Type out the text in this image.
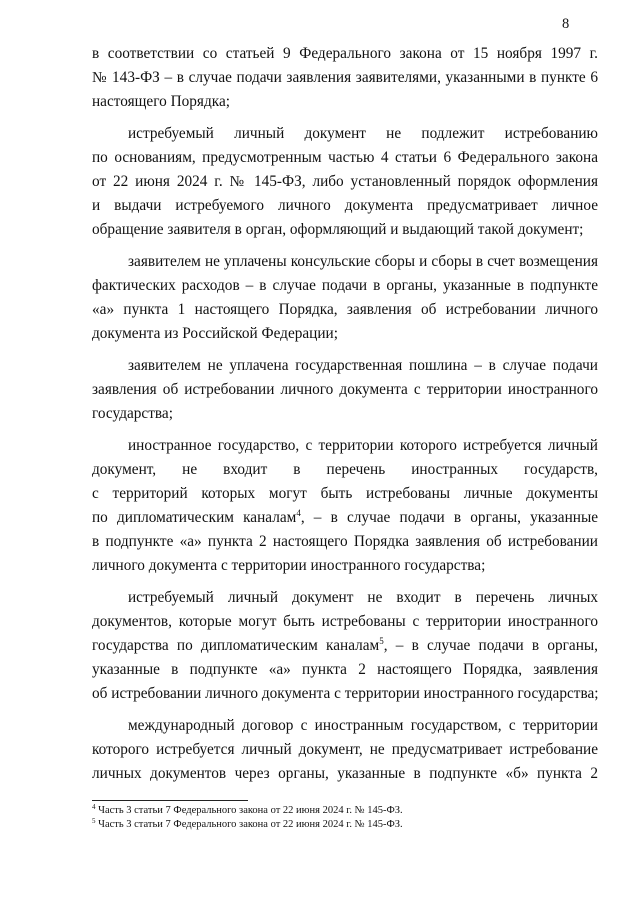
8
в соответствии со статьей 9 Федерального закона от 15 ноября 1997 г.
№ 143-ФЗ – в случае подачи заявления заявителями, указанными в пункте 6
настоящего Порядка;
истребуемый личный документ не подлежит истребованию
по основаниям, предусмотренным частью 4 статьи 6 Федерального закона
от 22 июня 2024 г. № 145-ФЗ, либо установленный порядок оформления
и выдачи истребуемого личного документа предусматривает личное
обращение заявителя в орган, оформляющий и выдающий такой документ;
заявителем не уплачены консульские сборы и сборы в счет возмещения
фактических расходов – в случае подачи в органы, указанные в подпункте
«а» пункта 1 настоящего Порядка, заявления об истребовании личного
документа из Российской Федерации;
заявителем не уплачена государственная пошлина – в случае подачи
заявления об истребовании личного документа с территории иностранного
государства;
иностранное государство, с территории которого истребуется личный
документ, не входит в перечень иностранных государств,
с территорий которых могут быть истребованы личные документы
по дипломатическим каналам$^4$, – в случае подачи в органы, указанные
в подпункте «а» пункта 2 настоящего Порядка заявления об истребовании
личного документа с территории иностранного государства;
истребуемый личный документ не входит в перечень личных
документов, которые могут быть истребованы с территории иностранного
государства по дипломатическим каналам$^5$, – в случае подачи в органы,
указанные в подпункте «а» пункта 2 настоящего Порядка, заявления
об истребовании личного документа с территории иностранного государства;
международный договор с иностранным государством, с территории
которого истребуется личный документ, не предусматривает истребование
личных документов через органы, указанные в подпункте «б» пункта 2
$^4$ Часть 3 статьи 7 Федерального закона от 22 июня 2024 г. № 145-ФЗ.
$^5$ Часть 3 статьи 7 Федерального закона от 22 июня 2024 г. № 145-ФЗ.
